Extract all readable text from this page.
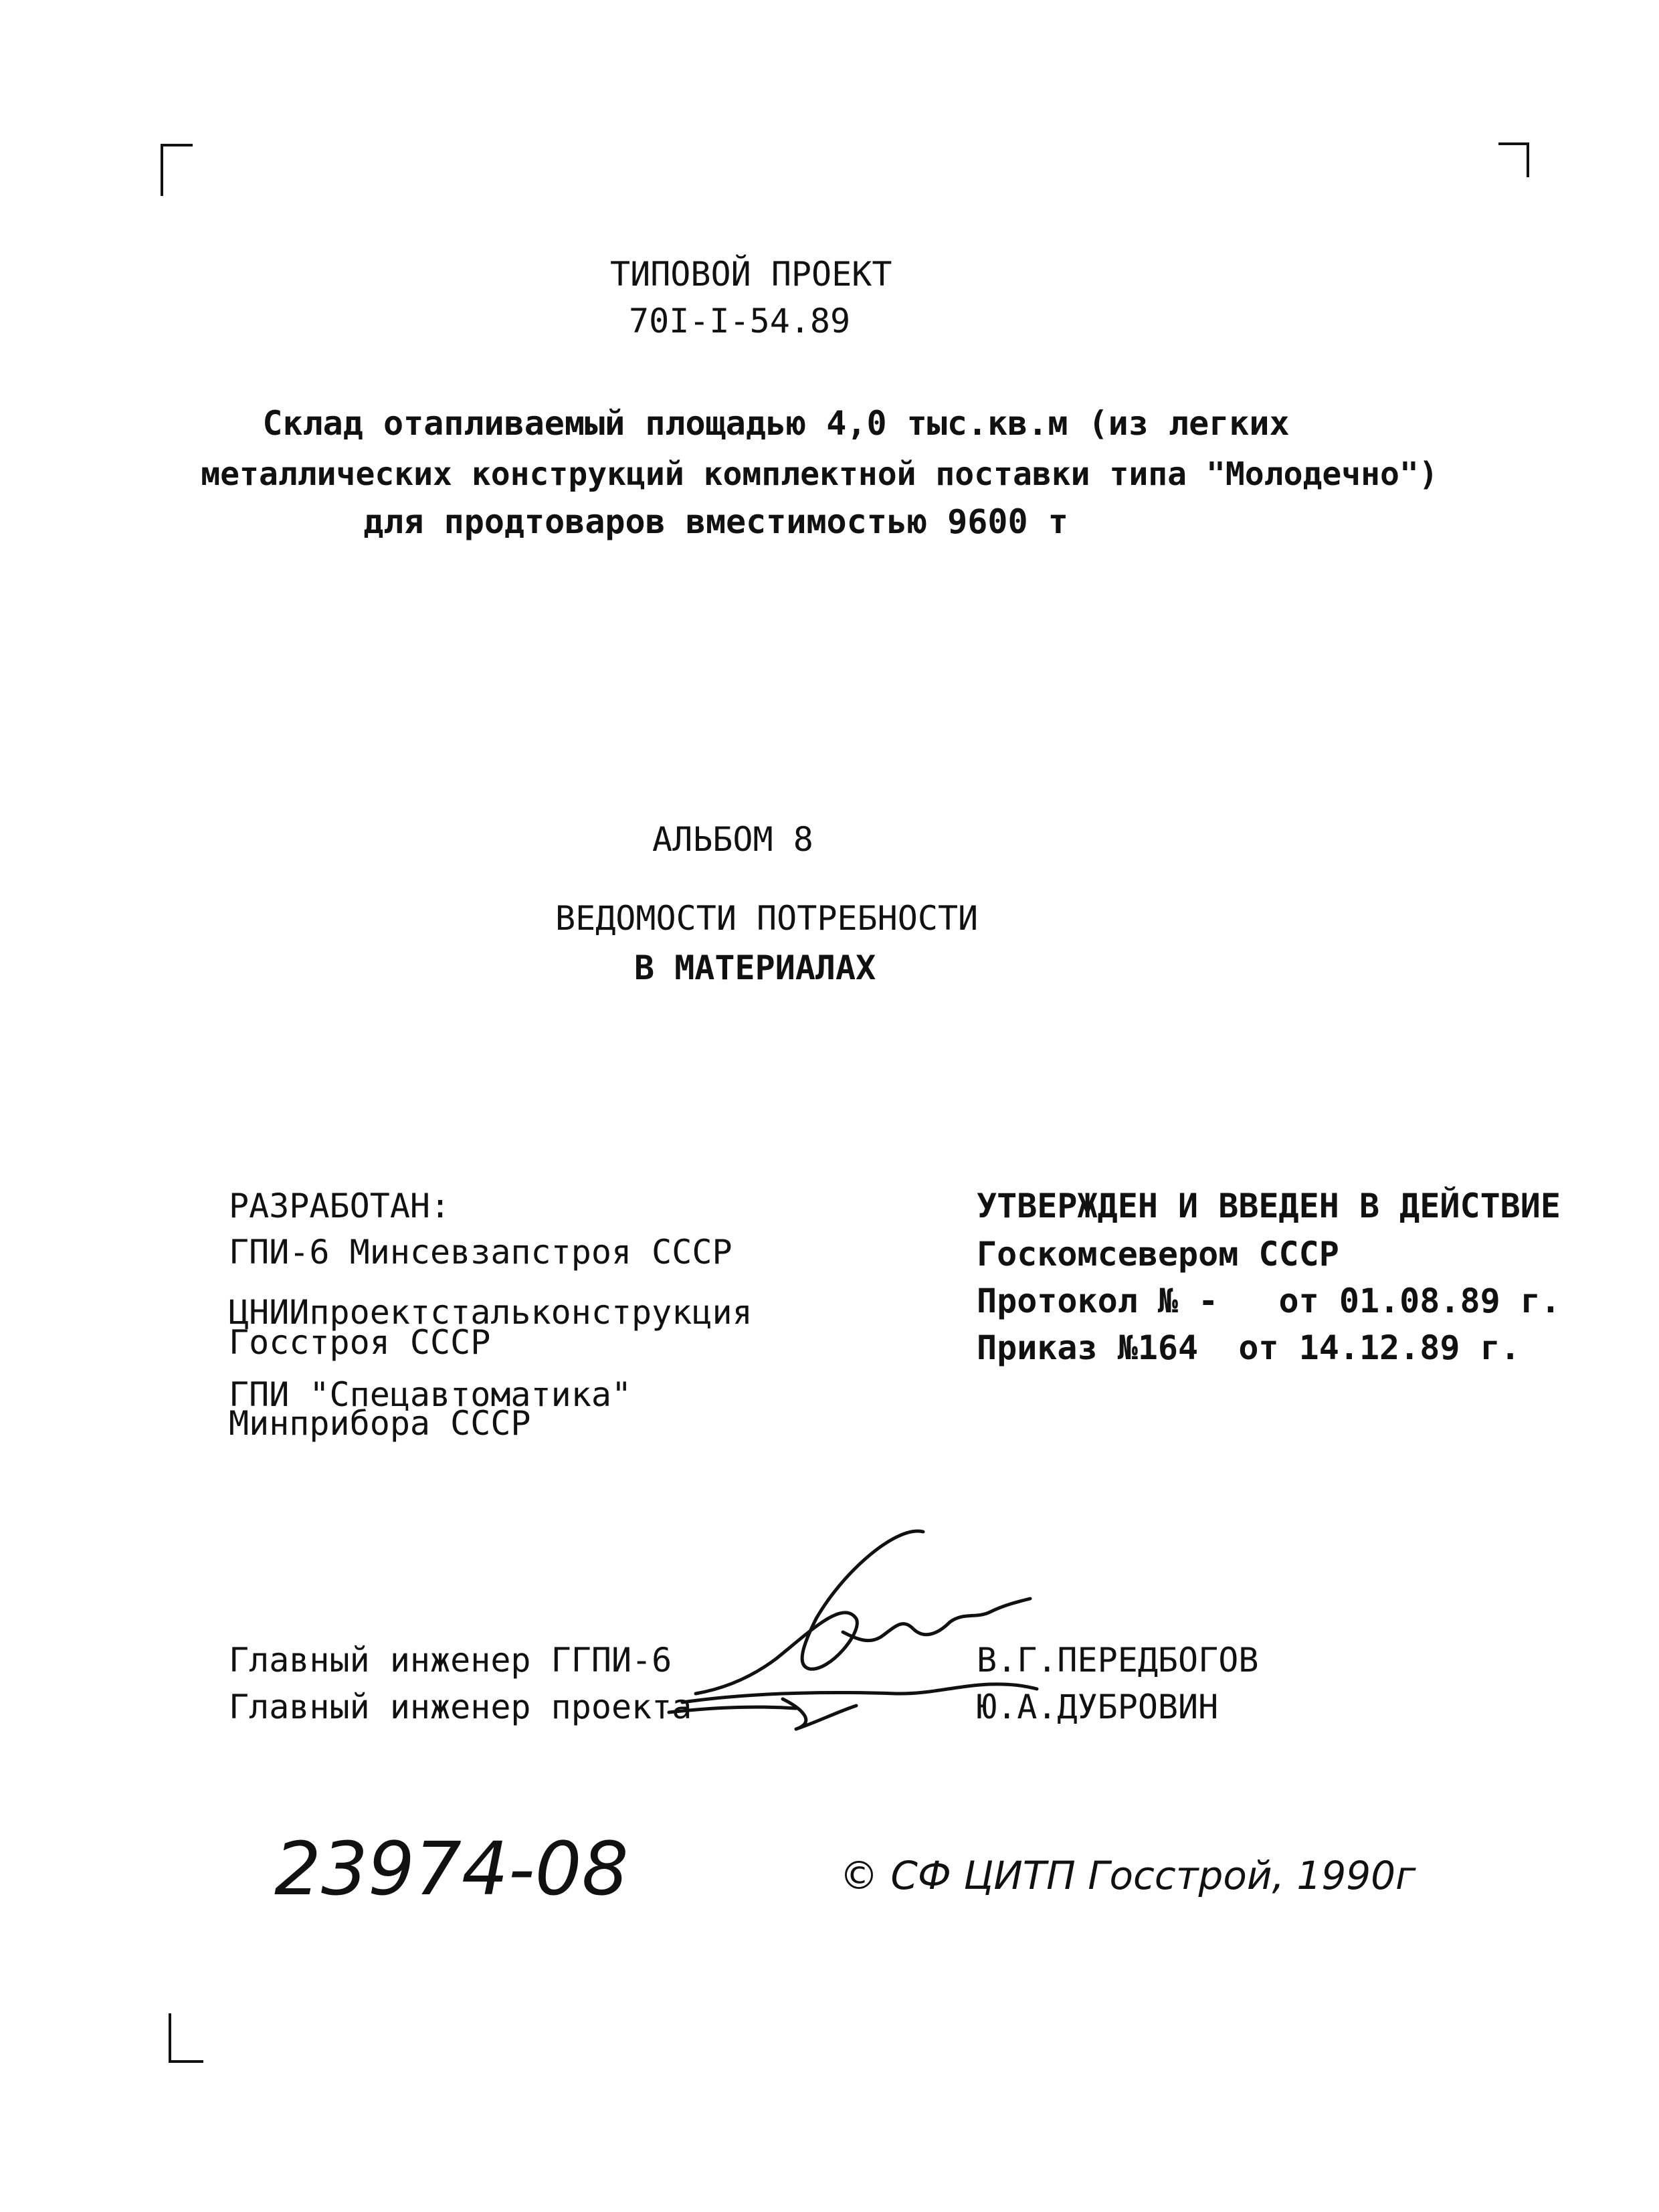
ТИПОВОЙ ПРОЕКТ
70I-I-54.89
Склад отапливаемый площадью 4,0 тыс.кв.м (из легких
металлических конструкций комплектной поставки типа "Молодечно")
для продтоваров вместимостью 9600 т
АЛЬБОМ 8
ВЕДОМОСТИ ПОТРЕБНОСТИ
В МАТЕРИАЛАХ
РАЗРАБОТАН:
ГПИ-6 Минсевзапстроя СССР
ЦНИИпроектстальконструкция
Госстроя СССР
ГПИ "Спецавтоматика"
Минприбора СССР
УТВЕРЖДЕН И ВВЕДЕН В ДЕЙСТВИЕ
Госкомсевером СССР
Протокол № -   от 01.08.89 г.
Приказ №164  от 14.12.89 г.
Главный инженер ГГПИ-6	В.Г.ПЕРЕДБОГОВ
Главный инженер проекта	Ю.А.ДУБРОВИН
23974-08	© СФ ЦИТП Госстрой, 1990г
